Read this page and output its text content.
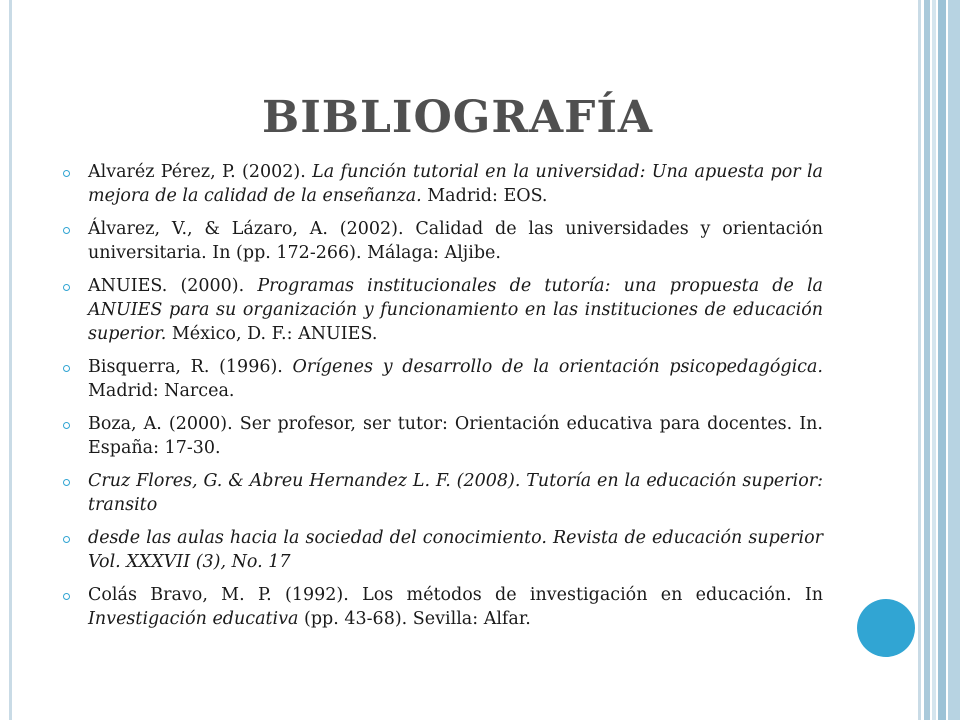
BIBLIOGRAFÍA
Alvaréz Pérez, P. (2002). La función tutorial en la universidad: Una apuesta por la mejora de la calidad de la enseñanza. Madrid: EOS.
Álvarez, V., & Lázaro, A. (2002). Calidad de las universidades y orientación universitaria. In (pp. 172-266). Málaga: Aljibe.
ANUIES. (2000). Programas institucionales de tutoría: una propuesta de la ANUIES para su organización y funcionamiento en las instituciones de educación superior. México, D. F.: ANUIES.
Bisquerra, R. (1996). Orígenes y desarrollo de la orientación psicopedagógica. Madrid: Narcea.
Boza, A. (2000). Ser profesor, ser tutor: Orientación educativa para docentes. In. España: 17-30.
Cruz Flores, G. & Abreu Hernandez L. F. (2008). Tutoría en la educación superior: transito
desde las aulas hacia la sociedad del conocimiento. Revista de educación superior Vol. XXXVII (3), No. 17
Colás Bravo, M. P. (1992). Los métodos de investigación en educación. In Investigación educativa (pp. 43-68). Sevilla: Alfar.
